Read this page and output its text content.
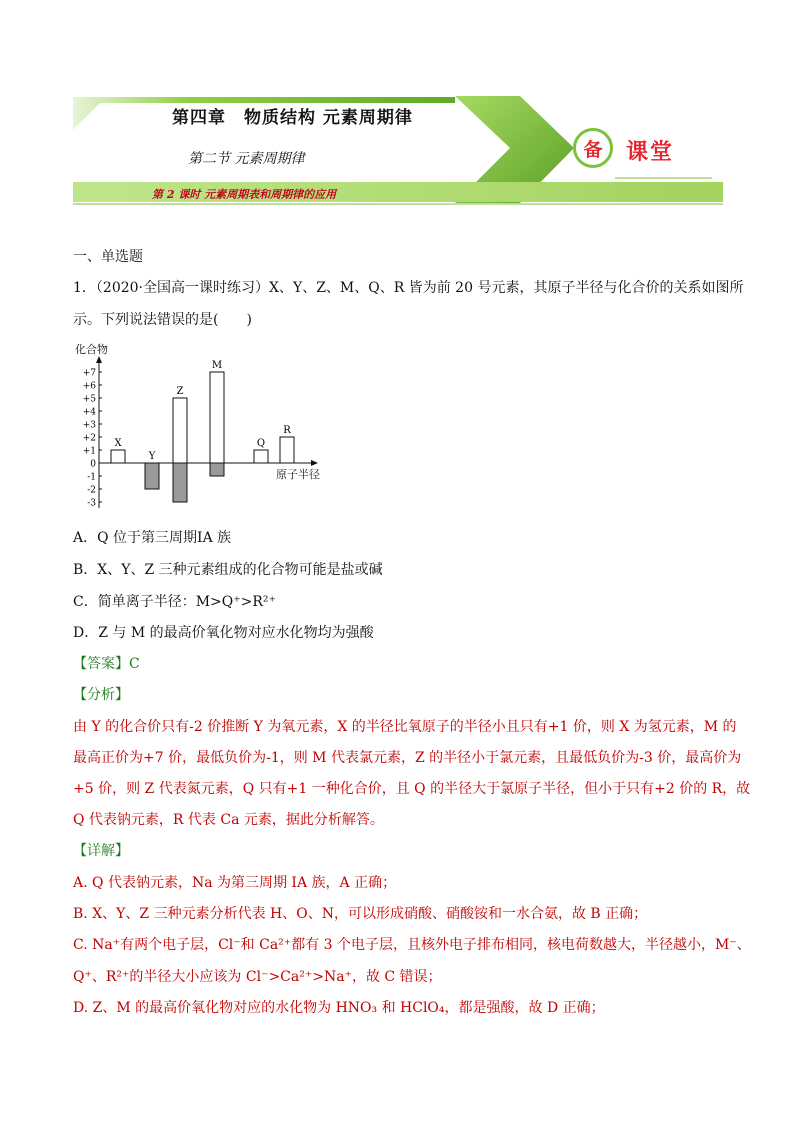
第四章　物质结构 元素周期律
第二节 元素周期律
第 2 课时 元素周期表和周期律的应用
备 课堂
一、单选题
1．（2020·全国高一课时练习）X、Y、Z、M、Q、R 皆为前 20 号元素，其原子半径与化合价的关系如图所
示。下列说法错误的是(　　)
化合物
+7
+6
+5
+4
+3
+2
+1
0
-1
-2
-3
原子半径
X
Y
Z
M
Q
R
A．Q 位于第三周期ⅠA 族
B．X、Y、Z 三种元素组成的化合物可能是盐或碱
C．简单离子半径：M>Q⁺>R²⁺
D．Z 与 M 的最高价氧化物对应水化物均为强酸
【答案】C
【分析】
由 Y 的化合价只有-2 价推断 Y 为氧元素，X 的半径比氧原子的半径小且只有+1 价，则 X 为氢元素，M 的
最高正价为+7 价，最低负价为-1，则 M 代表氯元素，Z 的半径小于氯元素，且最低负价为-3 价，最高价为
+5 价，则 Z 代表氮元素，Q 只有+1 一种化合价，且 Q 的半径大于氯原子半径，但小于只有+2 价的 R，故
Q 代表钠元素，R 代表 Ca 元素，据此分析解答。
【详解】
A. Q 代表钠元素，Na 为第三周期 IA 族，A 正确；
B. X、Y、Z 三种元素分析代表 H、O、N，可以形成硝酸、硝酸铵和一水合氨，故 B 正确；
C. Na⁺有两个电子层，Cl⁻和 Ca²⁺都有 3 个电子层，且核外电子排布相同，核电荷数越大，半径越小，M⁻、
Q⁺、R²⁺的半径大小应该为 Cl⁻>Ca²⁺>Na⁺，故 C 错误；
D. Z、M 的最高价氧化物对应的水化物为 HNO₃ 和 HClO₄，都是强酸，故 D 正确；
